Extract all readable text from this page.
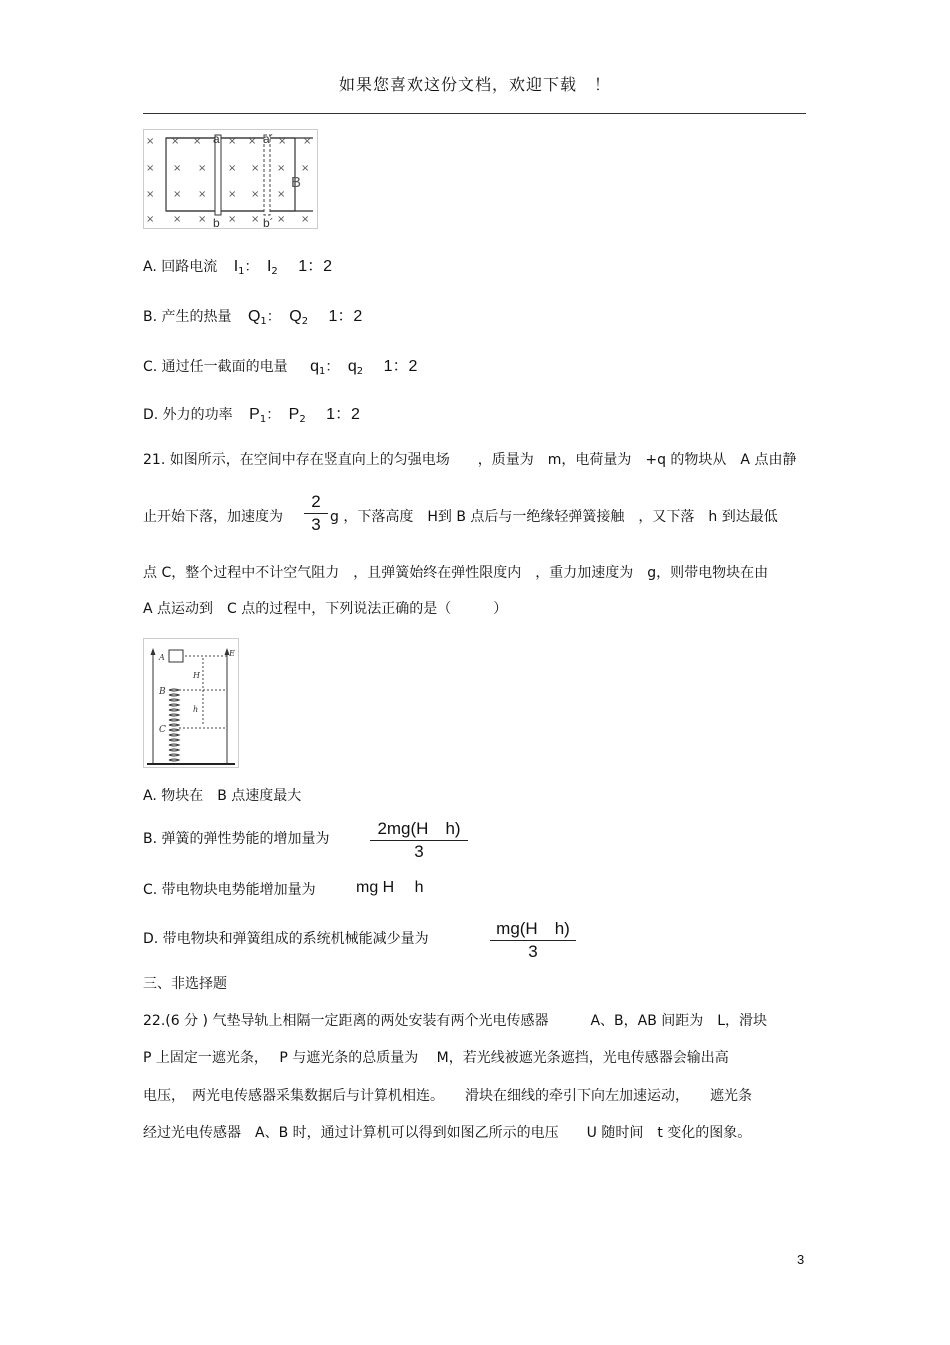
如果您喜欢这份文档，欢迎下载　！
× × ×	× × × ×
× × × × × × ×
× × × × × ×
× × × × × × ×
a	a´
b	b´
B
A. 回路电流 $I_1$： $I_2$ 1：2
B. 产生的热量 $Q_1$： $Q_2$ 1：2
C. 通过任一截面的电量 $q_1$： $q_2$ 1：2
D. 外力的功率 $P_1$： $P_2$ 1：2
21. 如图所示，在空间中存在竖直向上的匀强电场　　，质量为　m，电荷量为　+q 的物块从　A 点由静
止开始下落，加速度为 $\frac{2}{3}$ g ，下落高度　H到 B 点后与一绝缘轻弹簧接触　，又下落　h 到达最低
点 C，整个过程中不计空气阻力　，且弹簧始终在弹性限度内　，重力加速度为　g，则带电物块在由
A 点运动到　C 点的过程中，下列说法正确的是（　　　）
A	E
H
B
h
C
A. 物块在　B 点速度最大
B. 弹簧的弹性势能的增加量为 $\frac{\text{2mg(H　h)}}{3}$
C. 带电物块电势能增加量为	mg H　 h
D. 带电物块和弹簧组成的系统机械能减少量为	$\frac{\text{mg(H　h)}}{3}$
三、非选择题
22.(6 分 ) 气垫导轨上相隔一定距离的两处安装有两个光电传感器　　　A、B，AB 间距为　L，滑块
P 上固定一遮光条，　 P 与遮光条的总质量为　 M，若光线被遮光条遮挡，光电传感器会输出高
电压，　两光电传感器采集数据后与计算机相连。　　滑块在细线的牵引下向左加速运动，　　遮光条
经过光电传感器　A、B 时，通过计算机可以得到如图乙所示的电压　　U 随时间　t 变化的图象。
3
